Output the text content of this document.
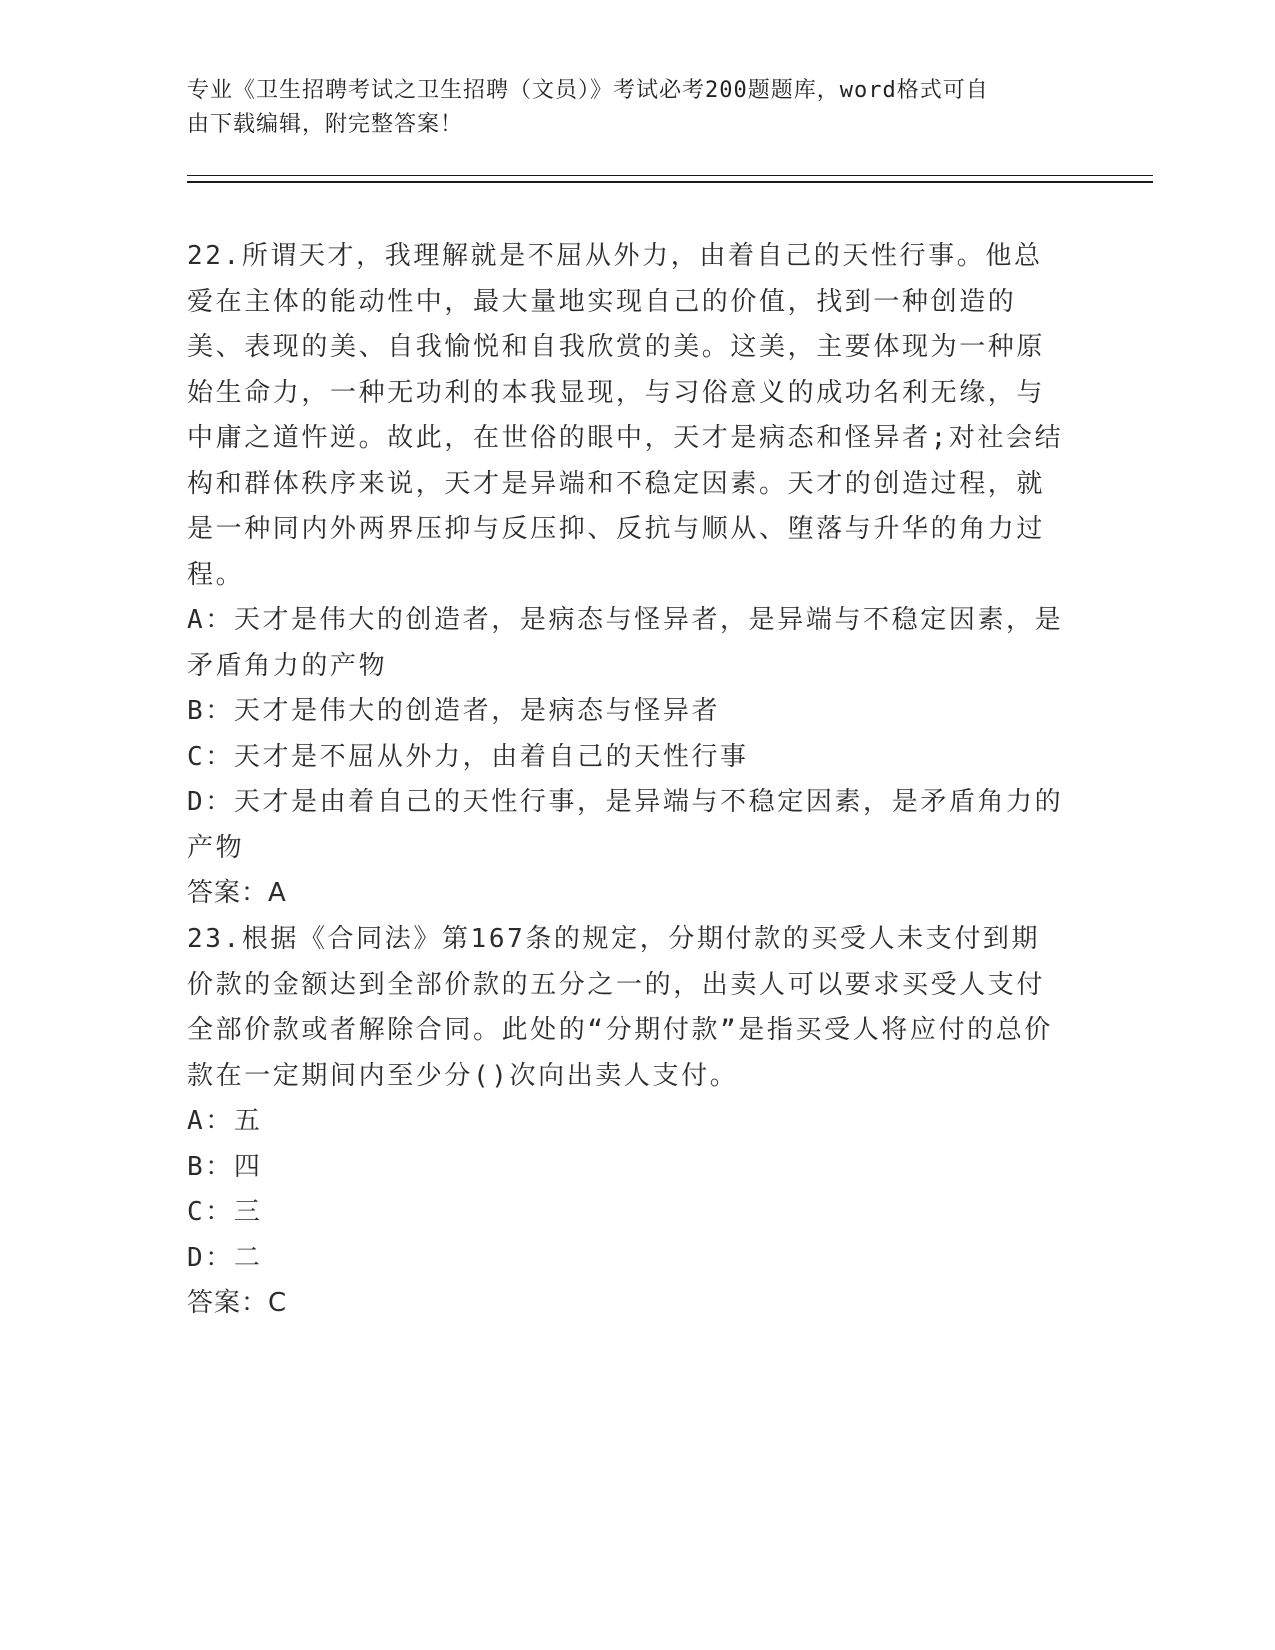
专业《卫生招聘考试之卫生招聘（文员）》考试必考200题题库，word格式可自
由下载编辑，附完整答案！

22.所谓天才，我理解就是不屈从外力，由着自己的天性行事。他总爱在主体的能动性中，最大量地实现自己的价值，找到一种创造的美、表现的美、自我愉悦和自我欣赏的美。这美，主要体现为一种原始生命力，一种无功利的本我显现，与习俗意义的成功名利无缘，与中庸之道忤逆。故此，在世俗的眼中，天才是病态和怪异者;对社会结构和群体秩序来说，天才是异端和不稳定因素。天才的创造过程，就是一种同内外两界压抑与反压抑、反抗与顺从、堕落与升华的角力过程。

A：天才是伟大的创造者，是病态与怪异者，是异端与不稳定因素，是矛盾角力的产物

B：天才是伟大的创造者，是病态与怪异者

C：天才是不屈从外力，由着自己的天性行事

D：天才是由着自己的天性行事，是异端与不稳定因素，是矛盾角力的产物

答案：A

23.根据《合同法》第167条的规定，分期付款的买受人未支付到期价款的金额达到全部价款的五分之一的，出卖人可以要求买受人支付全部价款或者解除合同。此处的“分期付款”是指买受人将应付的总价款在一定期间内至少分()次向出卖人支付。

A：五

B：四

C：三

D：二

答案：C
